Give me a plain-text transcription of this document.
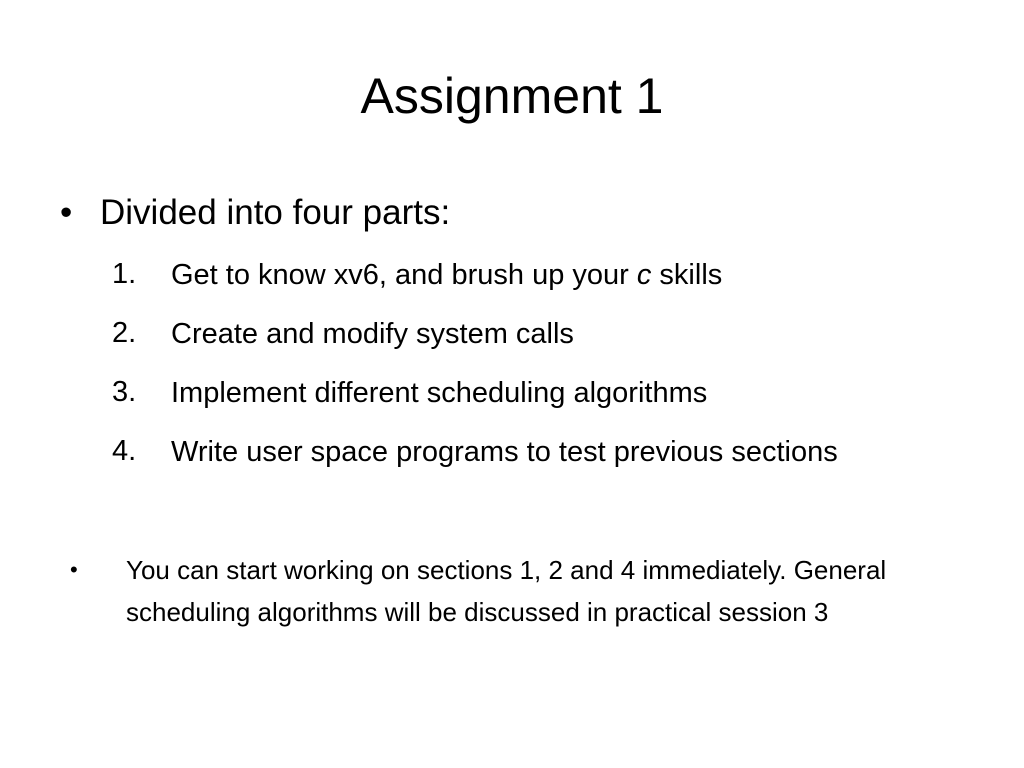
Assignment 1
• Divided into four parts:
1.	Get to know xv6, and brush up your c skills
2.	Create and modify system calls
3.	Implement different scheduling algorithms
4.	Write user space programs to test previous sections
•	You can start working on sections 1, 2 and 4 immediately. General scheduling algorithms will be discussed in practical session 3
